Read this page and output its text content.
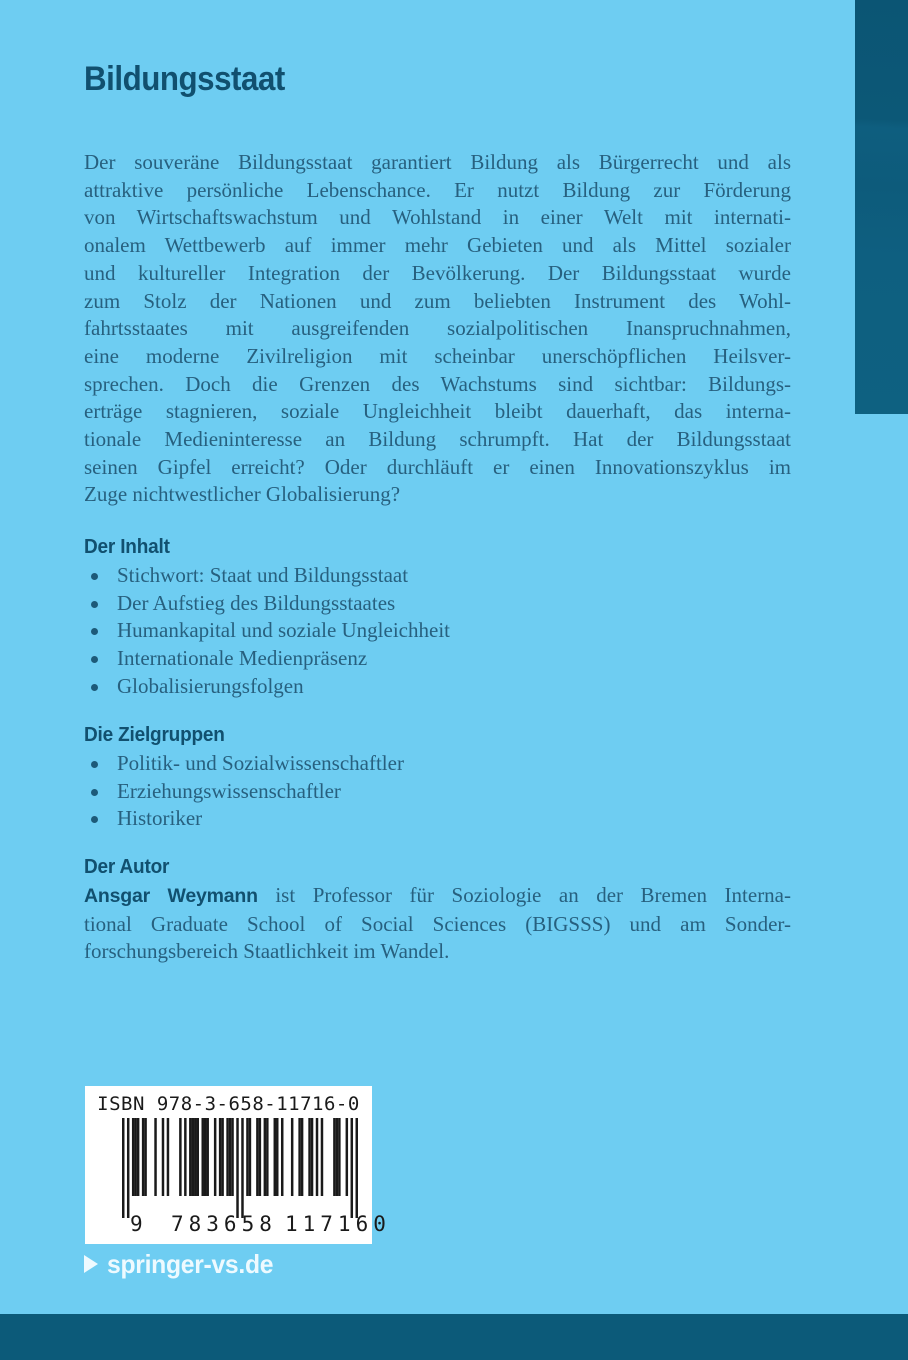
Bildungsstaat
Der souveräne Bildungsstaat garantiert Bildung als Bürgerrecht und als
attraktive persönliche Lebenschance. Er nutzt Bildung zur Förderung
von Wirtschaftswachstum und Wohlstand in einer Welt mit internati-
onalem Wettbewerb auf immer mehr Gebieten und als Mittel sozialer
und kultureller Integration der Bevölkerung. Der Bildungsstaat wurde
zum Stolz der Nationen und zum beliebten Instrument des Wohl-
fahrtsstaates mit ausgreifenden sozialpolitischen Inanspruchnahmen,
eine moderne Zivilreligion mit scheinbar unerschöpflichen Heilsver-
sprechen. Doch die Grenzen des Wachstums sind sichtbar: Bildungs-
erträge stagnieren, soziale Ungleichheit bleibt dauerhaft, das interna-
tionale Medieninteresse an Bildung schrumpft. Hat der Bildungsstaat
seinen Gipfel erreicht? Oder durchläuft er einen Innovationszyklus im
Zuge nichtwestlicher Globalisierung?
Der Inhalt
Stichwort: Staat und Bildungsstaat
Der Aufstieg des Bildungsstaates
Humankapital und soziale Ungleichheit
Internationale Medienpräsenz
Globalisierungsfolgen
Die Zielgruppen
Politik- und Sozialwissenschaftler
Erziehungswissenschaftler
Historiker
Der Autor
Ansgar Weymann ist Professor für Soziologie an der Bremen Interna-
tional Graduate School of Social Sciences (BIGSSS) und am Sonder-
forschungsbereich Staatlichkeit im Wandel.
ISBN 978-3-658-11716-0
9 783658 117160
springer-vs.de
